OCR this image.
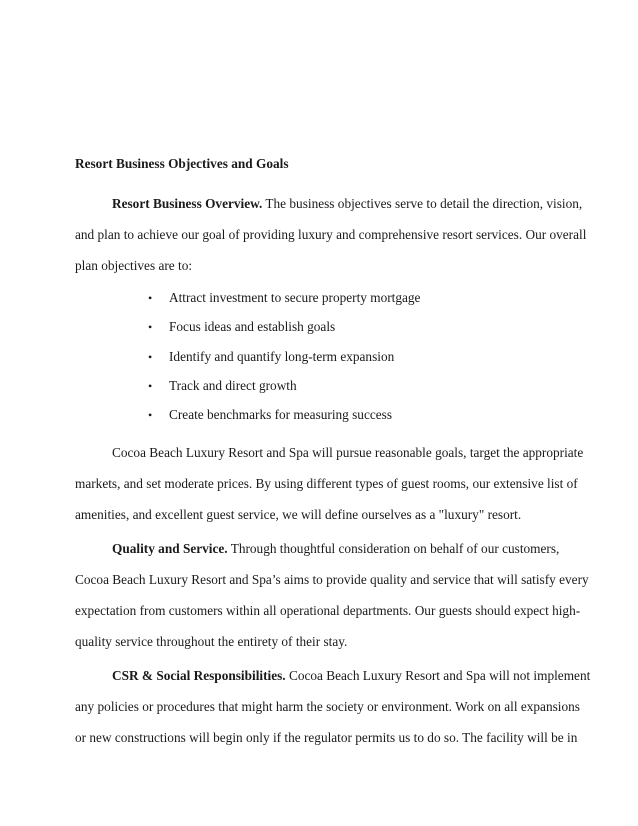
Resort Business Objectives and Goals
Resort Business Overview. The business objectives serve to detail the direction, vision,
and plan to achieve our goal of providing luxury and comprehensive resort services. Our overall
plan objectives are to:
• Attract investment to secure property mortgage
• Focus ideas and establish goals
• Identify and quantify long-term expansion
• Track and direct growth
• Create benchmarks for measuring success
Cocoa Beach Luxury Resort and Spa will pursue reasonable goals, target the appropriate
markets, and set moderate prices. By using different types of guest rooms, our extensive list of
amenities, and excellent guest service, we will define ourselves as a "luxury" resort.
Quality and Service. Through thoughtful consideration on behalf of our customers,
Cocoa Beach Luxury Resort and Spa’s aims to provide quality and service that will satisfy every
expectation from customers within all operational departments. Our guests should expect high-
quality service throughout the entirety of their stay.
CSR & Social Responsibilities. Cocoa Beach Luxury Resort and Spa will not implement
any policies or procedures that might harm the society or environment. Work on all expansions
or new constructions will begin only if the regulator permits us to do so. The facility will be in
